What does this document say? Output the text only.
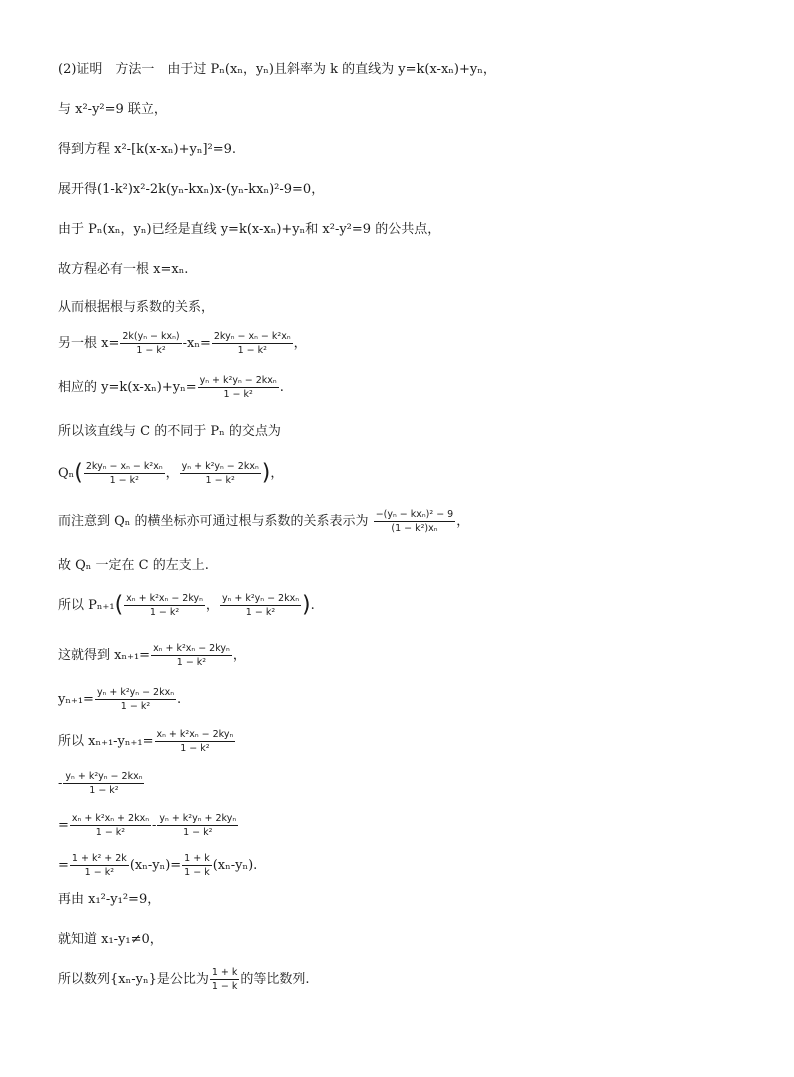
(2)证明　方法一　由于过 Pₙ(xₙ，yₙ)且斜率为 k 的直线为 y=k(x-xₙ)+yₙ，
与 x²-y²=9 联立，
得到方程 x²-[k(x-xₙ)+yₙ]²=9.
展开得(1-k²)x²-2k(yₙ-kxₙ)x-(yₙ-kxₙ)²-9=0，
由于 Pₙ(xₙ，yₙ)已经是直线 y=k(x-xₙ)+yₙ和 x²-y²=9 的公共点，
故方程必有一根 x=xₙ.
从而根据根与系数的关系，
另一根 $x= \frac{\text{2k(yₙ − kxₙ)}}{\text{1 − k²}} -x_n= \frac{\text{2kyₙ − xₙ − k²xₙ}}{\text{1 − k²}}$ ，
相应的 $y=k(x-x_n)+y_n= \frac{\text{yₙ + k²yₙ − 2kxₙ}}{\text{1 − k²}}$ .
所以该直线与 C 的不同于 Pₙ 的交点为
$Q_n( \frac{\text{2kyₙ − xₙ − k²xₙ}}{\text{1 − k²}}$ ， $\frac{\text{yₙ + k²yₙ − 2kxₙ}}{\text{1 − k²}}$ )，
而注意到 Qₙ 的横坐标亦可通过根与系数的关系表示为 $\frac{\text{−(yₙ − kxₙ)² − 9}}{\text{(1 − k²)xₙ}}$ ，
故 Qₙ 一定在 C 的左支上.
所以 $P_{n+1}( \frac{\text{xₙ + k²xₙ − 2kyₙ}}{\text{1 − k²}}$ ， $\frac{\text{yₙ + k²yₙ − 2kxₙ}}{\text{1 − k²}}$ ).
这就得到 $x_{n+1}= \frac{\text{xₙ + k²xₙ − 2kyₙ}}{\text{1 − k²}}$ ，
$y_{n+1}= \frac{\text{yₙ + k²yₙ − 2kxₙ}}{\text{1 − k²}}$ .
所以 $x_{n+1}-y_{n+1}= \frac{\text{xₙ + k²xₙ − 2kyₙ}}{\text{1 − k²}}$
- $\frac{\text{yₙ + k²yₙ − 2kxₙ}}{\text{1 − k²}}$
= $\frac{\text{xₙ + k²xₙ + 2kxₙ}}{\text{1 − k²}} - \frac{\text{yₙ + k²yₙ + 2kyₙ}}{\text{1 − k²}}$
= $\frac{\text{1 + k² + 2k}}{\text{1 − k²}} (x_n-y_n)= \frac{1 + k}{1 - k} (x_n-y_n)$.
再由 x₁²-y₁²=9，
就知道 x₁-y₁≠0，
所以数列{xₙ-yₙ}是公比为 $\frac{1 + k}{1 - k}$ 的等比数列.
